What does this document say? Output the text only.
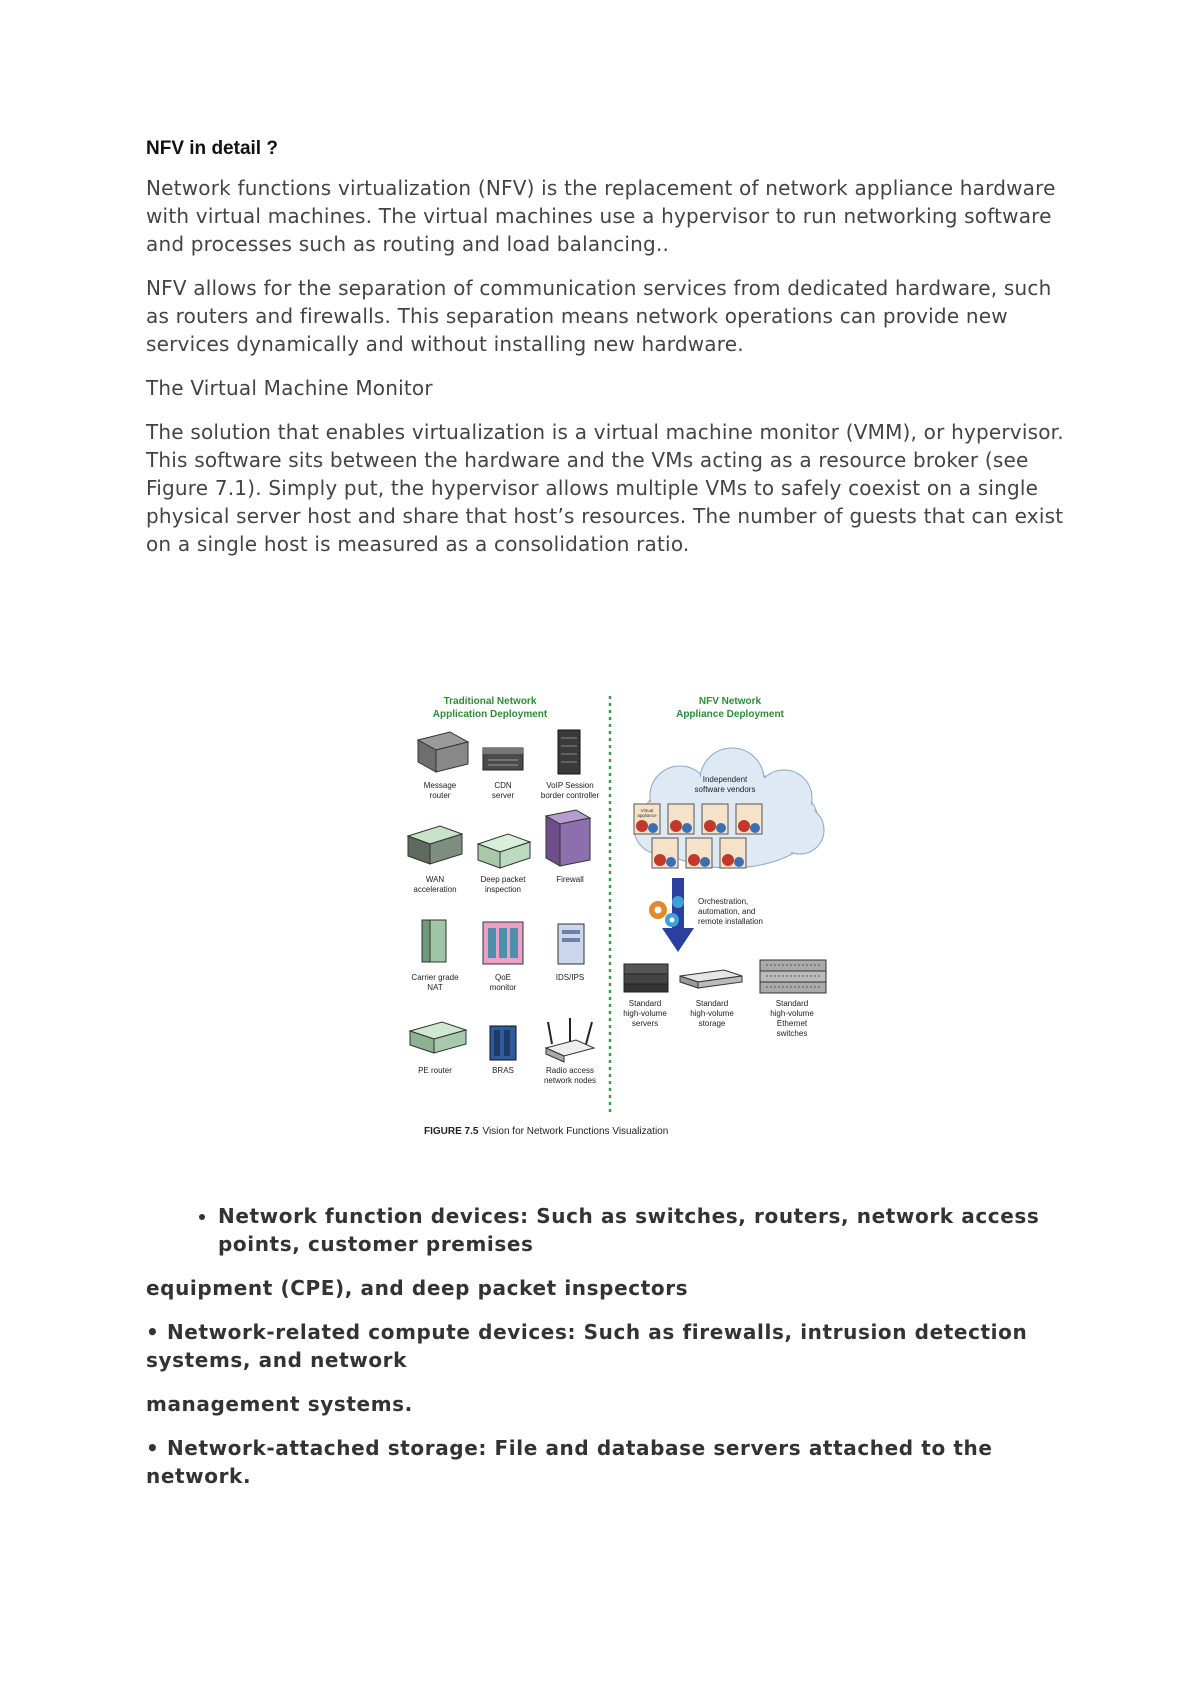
NFV in detail ?

Network functions virtualization (NFV) is the replacement of network appliance hardware with virtual machines. The virtual machines use a hypervisor to run networking software and processes such as routing and load balancing..

NFV allows for the separation of communication services from dedicated hardware, such as routers and firewalls. This separation means network operations can provide new services dynamically and without installing new hardware.

The Virtual Machine Monitor

The solution that enables virtualization is a virtual machine monitor (VMM), or hypervisor. This software sits between the hardware and the VMs acting as a resource broker (see Figure 7.1). Simply put, the hypervisor allows multiple VMs to safely coexist on a single physical server host and share that host’s resources. The number of guests that can exist on a single host is measured as a consolidation ratio.

Traditional Network
Application Deployment
NFV Network
Appliance Deployment
Message
router
CDN
server
VoIP Session
border controller
WAN
acceleration
Deep packet
inspection
Firewall
Carrier grade
NAT
QoE
monitor
IDS/IPS
PE router	BRAS	Radio access
network nodes
Independent
software vendors
Virtual
appliance
Orchestration,
automation, and
remote installation
Standard
high-volume
servers
Standard
high-volume
storage
Standard
high-volume
Ethernet
switches
FIGURE 7.5 Vision for Network Functions Visualization
• Network function devices: Such as switches, routers, network access points, customer premises

equipment (CPE), and deep packet inspectors

• Network-related compute devices: Such as firewalls, intrusion detection systems, and network

management systems.

• Network-attached storage: File and database servers attached to the network.
